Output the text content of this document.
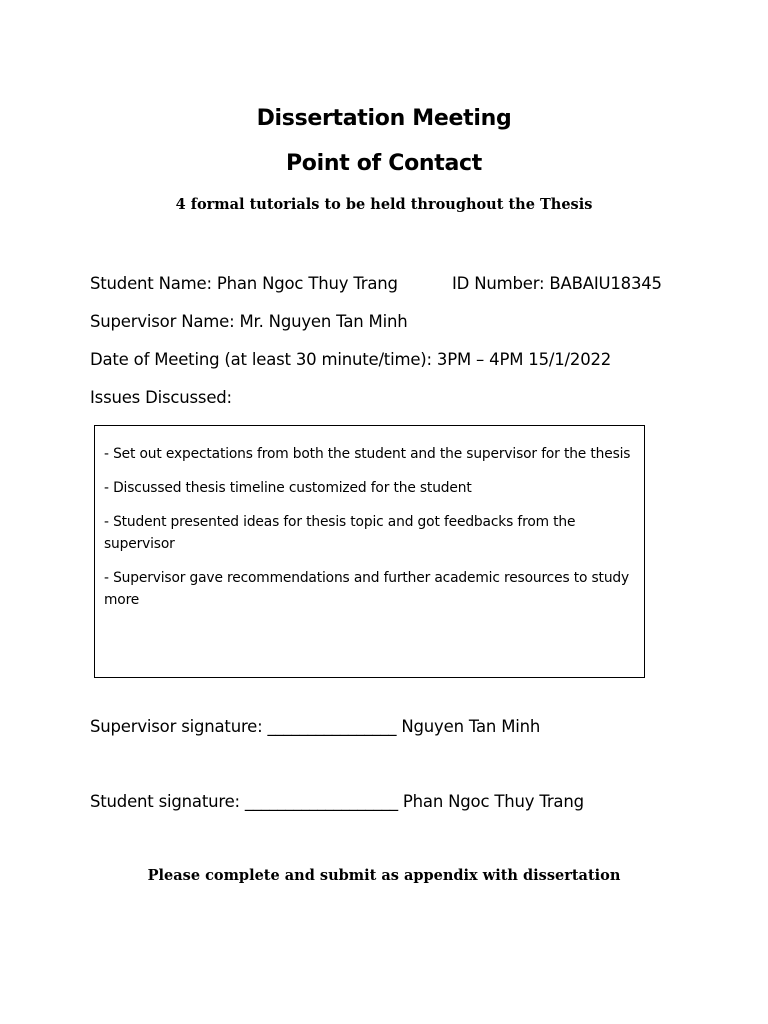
Dissertation Meeting
Point of Contact
4 formal tutorials to be held throughout the Thesis
Student Name: Phan Ngoc Thuy Trang	ID Number: BABAIU18345
Supervisor Name: Mr. Nguyen Tan Minh
Date of Meeting (at least 30 minute/time): 3PM – 4PM 15/1/2022
Issues Discussed:

- Set out expectations from both the student and the supervisor for the thesis

- Discussed thesis timeline customized for the student

- Student presented ideas for thesis topic and got feedbacks from the supervisor

- Supervisor gave recommendations and further academic resources to study more

Supervisor signature: ________________ Nguyen Tan Minh
Student signature: ___________________ Phan Ngoc Thuy Trang
Please complete and submit as appendix with dissertation
